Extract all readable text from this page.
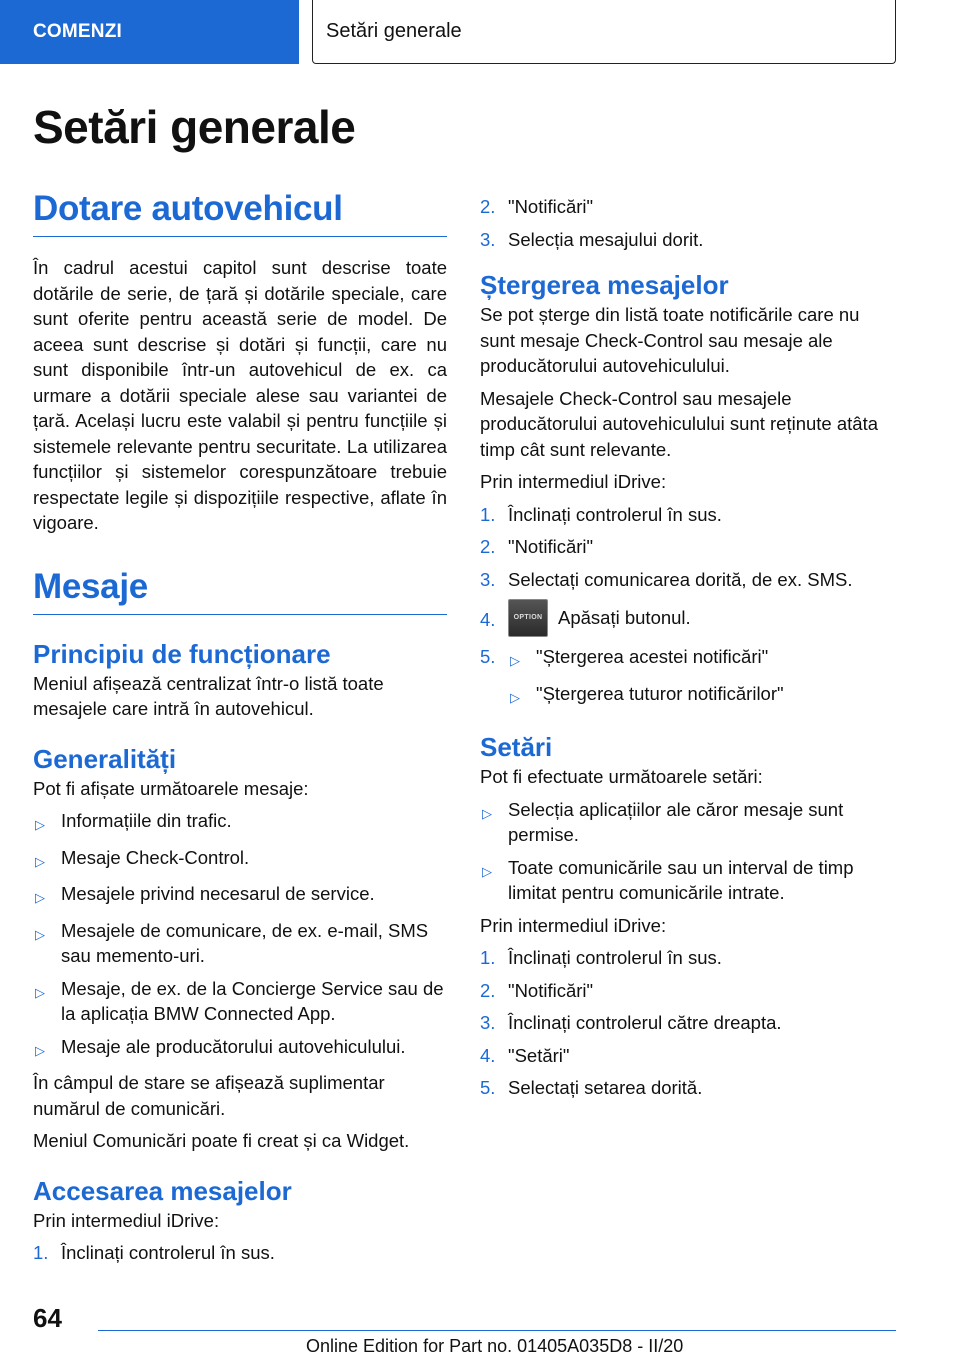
COMENZI	Setări generale
Setări generale
Dotare autovehicul

În cadrul acestui capitol sunt descrise toate dotările de serie, de țară și dotările speciale, care sunt oferite pentru această serie de model. De aceea sunt descrise și dotări și funcții, care nu sunt disponibile într-un autovehicul de ex. ca urmare a dotării speciale alese sau variantei de țară. Același lucru este valabil și pentru funcțiile și sistemele relevante pentru securitate. La utilizarea funcțiilor și sistemelor corespunzătoare trebuie respectate legile și dispozițiile respective, aflate în vigoare.

Mesaje
Principiu de funcționare

Meniul afișează centralizat într-o listă toate mesajele care intră în autovehicul.

Generalități

Pot fi afișate următoarele mesaje:

▷ Informațiile din trafic.
▷ Mesaje Check-Control.
▷ Mesajele privind necesarul de service.
▷ Mesajele de comunicare, de ex. e-mail, SMS sau memento-uri.
▷ Mesaje, de ex. de la Concierge Service sau de la aplicația BMW Connected App.
▷ Mesaje ale producătorului autovehiculului.

În câmpul de stare se afișează suplimentar numărul de comunicări.

Meniul Comunicări poate fi creat și ca Widget.

Accesarea mesajelor

Prin intermediul iDrive:

1. Înclinați controlerul în sus.
2. "Notificări"
3. Selecția mesajului dorit.
Ștergerea mesajelor

Se pot șterge din listă toate notificările care nu sunt mesaje Check-Control sau mesaje ale producătorului autovehiculului.

Mesajele Check-Control sau mesajele producătorului autovehiculului sunt reținute atâta timp cât sunt relevante.

Prin intermediul iDrive:

1. Înclinați controlerul în sus.
2. "Notificări"
3. Selectați comunicarea dorită, de ex. SMS.
4.	OPTION Apăsați butonul.
5.	▷ "Ștergerea acestei notificări"
▷ "Ștergerea tuturor notificărilor"
Setări

Pot fi efectuate următoarele setări:

▷ Selecția aplicațiilor ale căror mesaje sunt permise.
▷ Toate comunicările sau un interval de timp limitat pentru comunicările intrate.

Prin intermediul iDrive:

1. Înclinați controlerul în sus.
2. "Notificări"
3. Înclinați controlerul către dreapta.
4. "Setări"
5. Selectați setarea dorită.
64
Online Edition for Part no. 01405A035D8 - II/20
